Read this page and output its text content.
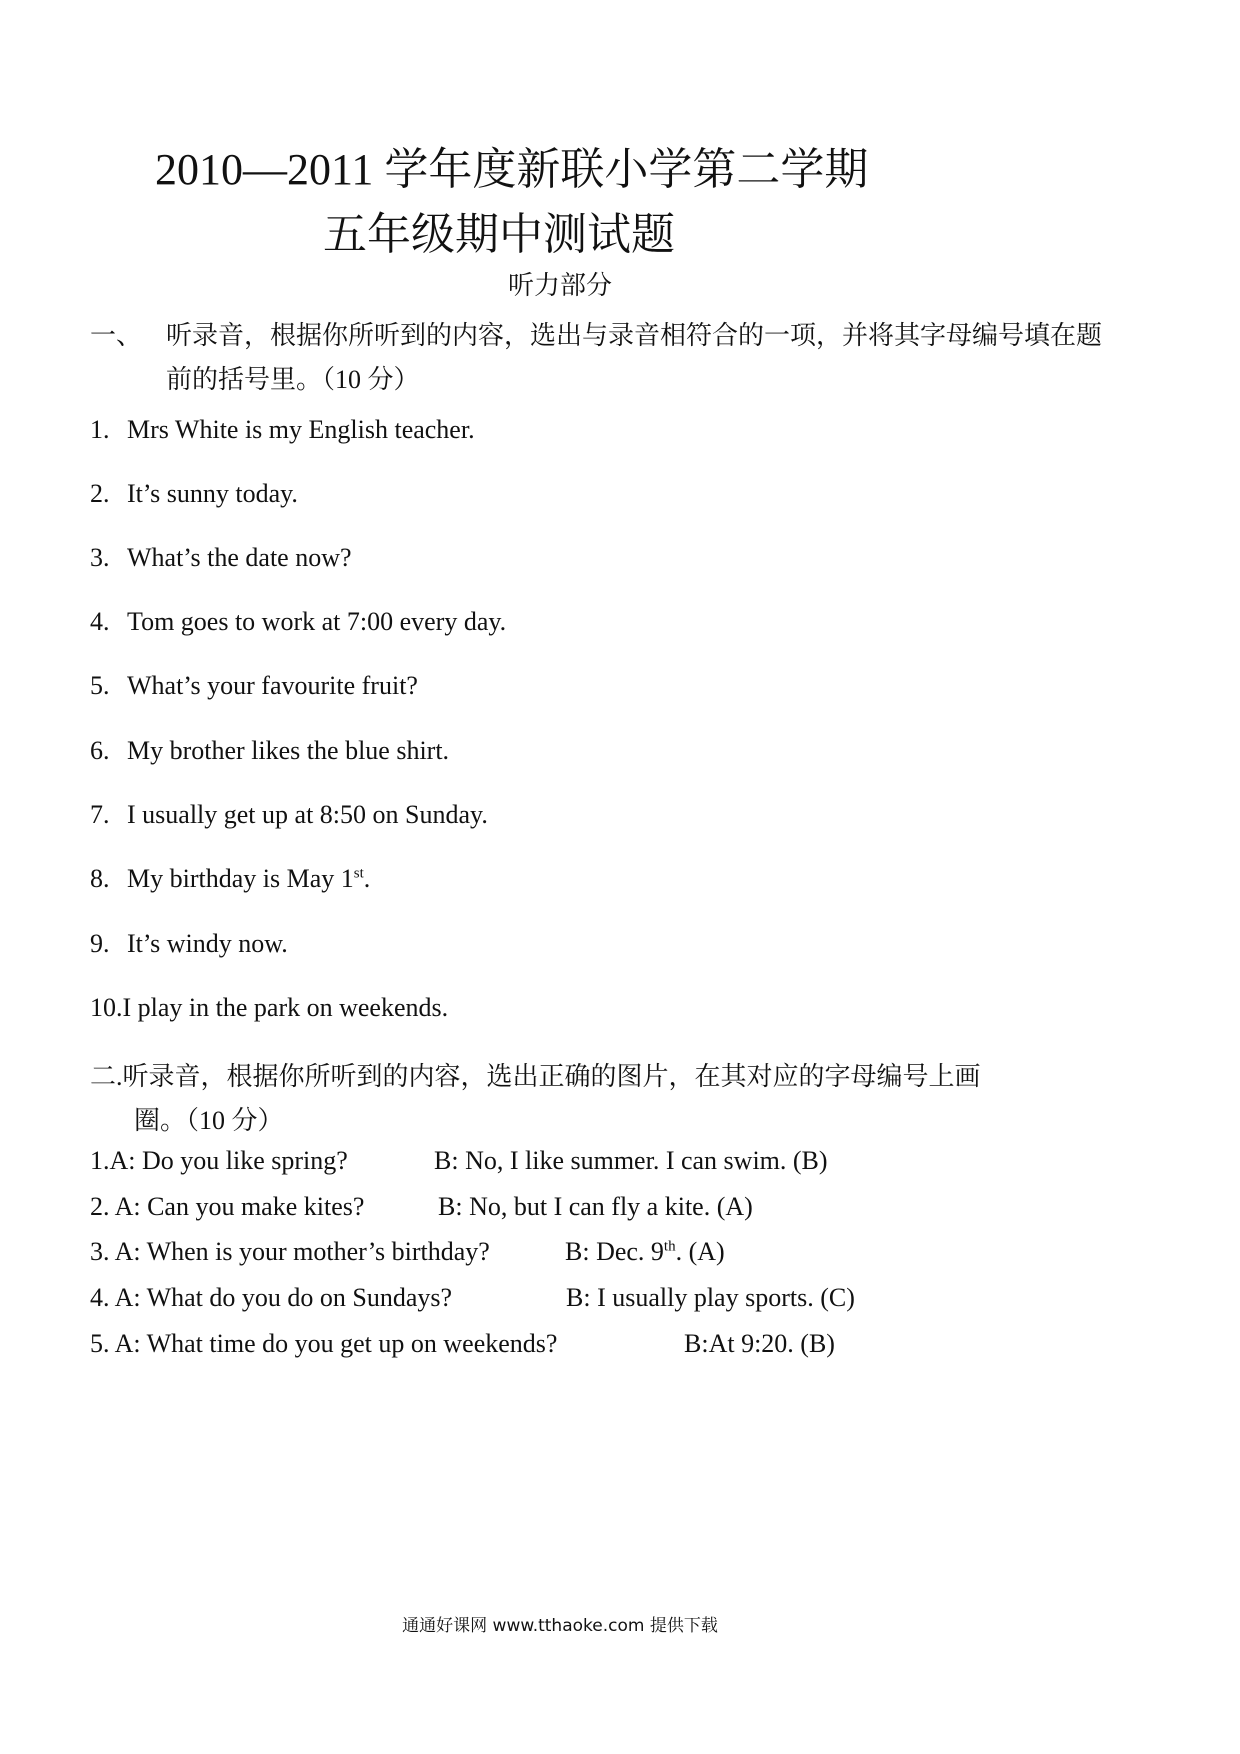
2010—2011 学年度新联小学第二学期
五年级期中测试题
听力部分
一、 听录音，根据你所听到的内容，选出与录音相符合的一项，并将其字母编号填在题前的括号里。（10 分）
1. Mrs White is my English teacher.
2. It’s sunny today.
3. What’s the date now?
4. Tom goes to work at 7:00 every day.
5. What’s your favourite fruit?
6. My brother likes the blue shirt.
7. I usually get up at 8:50 on Sunday.
8. My birthday is May 1st.
9. It’s windy now.
10.I play in the park on weekends.
二.听录音，根据你所听到的内容，选出正确的图片，在其对应的字母编号上画
圈。（10 分）
1.A: Do you like spring?	B: No, I like summer. I can swim. (B)
2. A: Can you make kites?	B: No, but I can fly a kite. (A)
3. A: When is your mother’s birthday?	B: Dec. 9th. (A)
4. A: What do you do on Sundays?	B: I usually play sports. (C)
5. A: What time do you get up on weekends?	B:At 9:20. (B)
通通好课网 www.tthaoke.com 提供下载
